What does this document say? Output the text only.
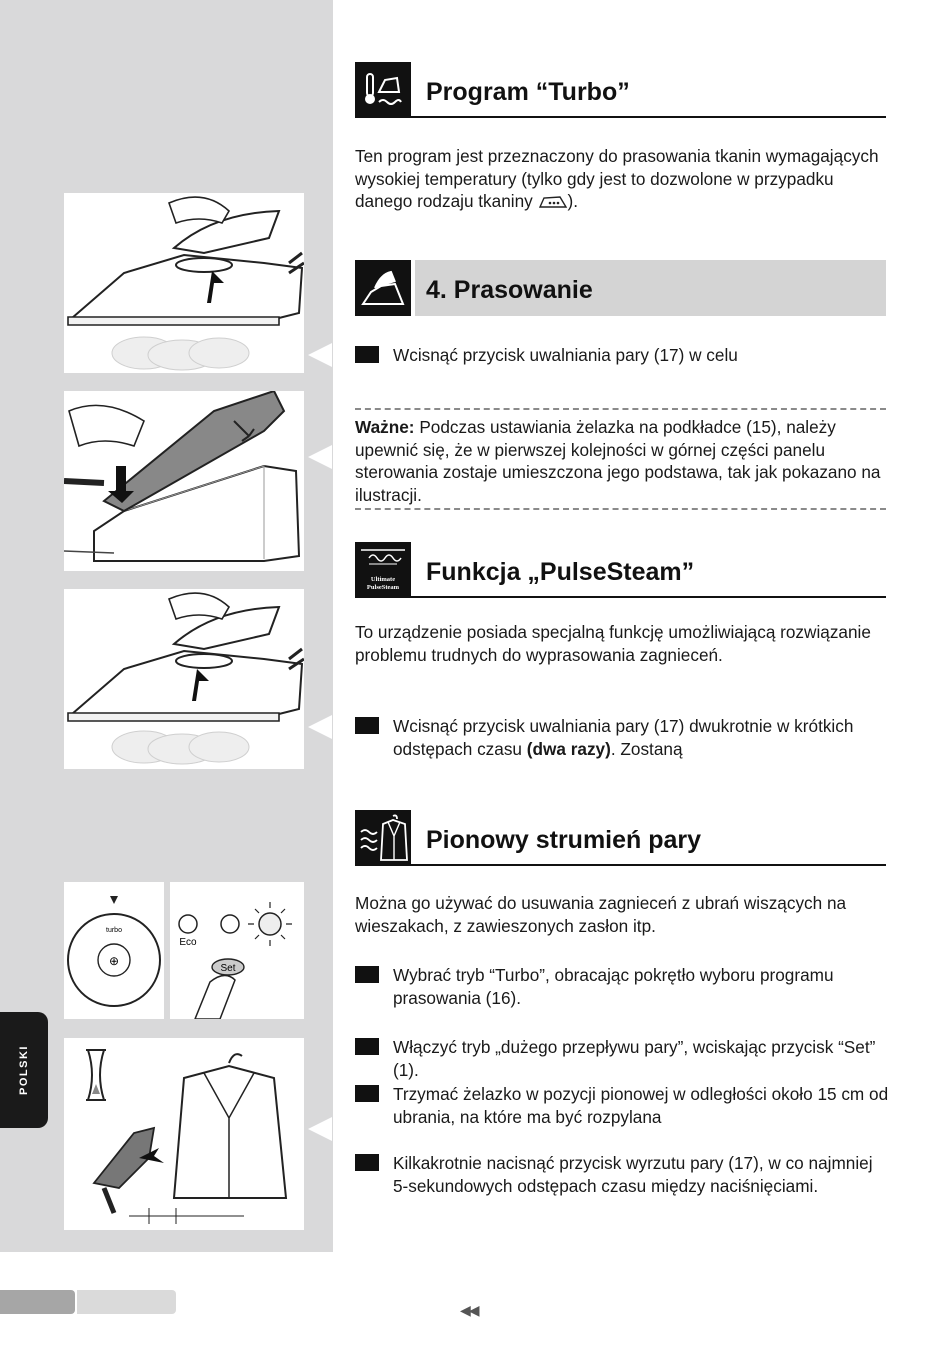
⊕
turbo
Eco
Set
POLSKI
Program “Turbo”
Ten program jest przeznaczony do prasowania tkanin wymagających wysokiej temperatury (tylko gdy jest to dozwolone w przypadku danego rodzaju tkaniny ).
4. Prasowanie
Wcisnąć przycisk uwalniania pary (17) w celu
Ważne: Podczas ustawiania żelazka na podkładce (15), należy upewnić się, że w pierwszej kolejności w górnej części panelu sterowania zostaje umieszczona jego podstawa, tak jak pokazano na ilustracji.
Ultimate
PulseSteam
Funkcja „PulseSteam”
To urządzenie posiada specjalną funkcję umożliwiającą rozwiązanie problemu trudnych do wyprasowania zagnieceń.
Wcisnąć przycisk uwalniania pary (17) dwukrotnie w krótkich odstępach czasu (dwa razy). Zostaną
Pionowy strumień pary
Można go używać do usuwania zagnieceń z ubrań wiszących na wieszakach, z zawieszonych zasłon itp.
Wybrać tryb “Turbo”, obracając pokrętło wyboru programu prasowania (16).
Włączyć tryb „dużego przepływu pary”, wciskając przycisk “Set” (1).
Trzymać żelazko w pozycji pionowej w odległości około 15 cm od ubrania, na które ma być rozpylana
Kilkakrotnie nacisnąć przycisk wyrzutu pary (17), w co najmniej 5-sekundowych odstępach czasu między naciśnięciami.
◀◀
